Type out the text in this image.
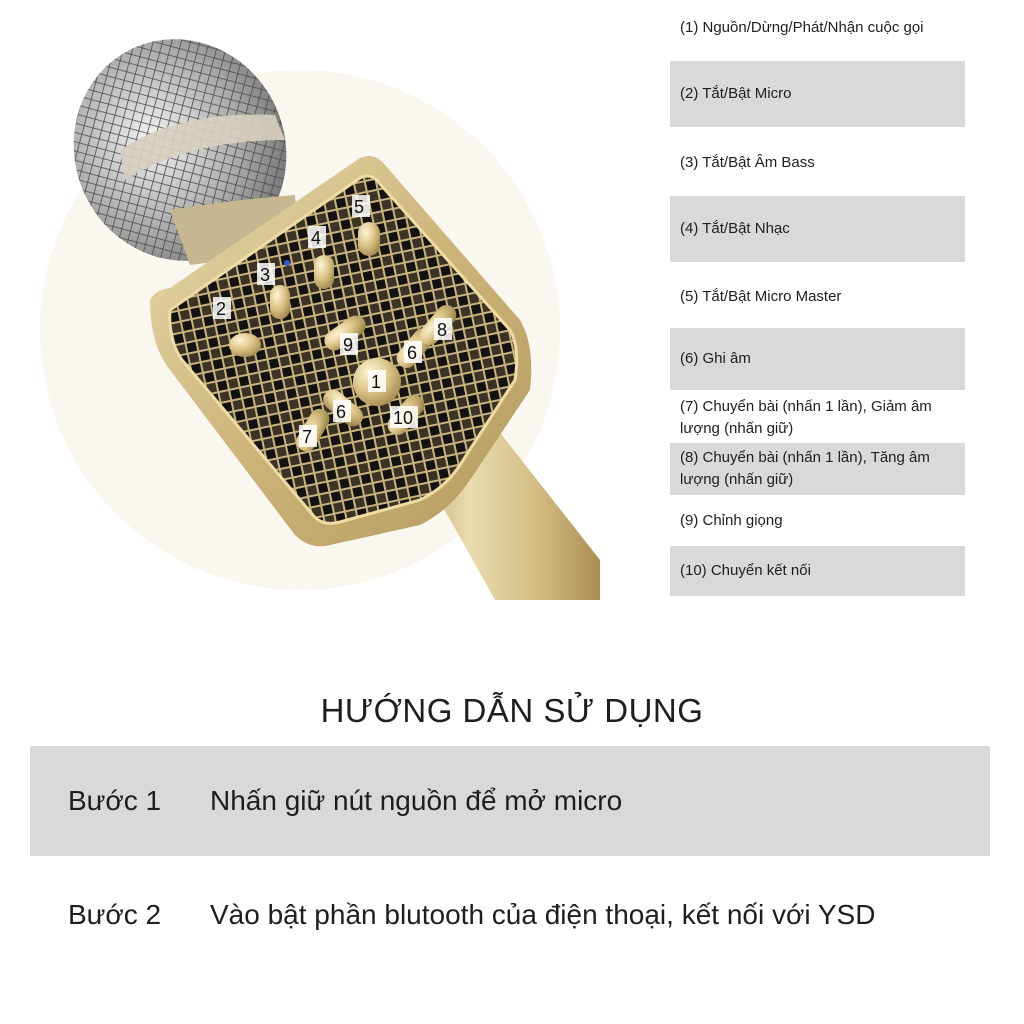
5
4
3
2
8
9	6
1
6	10
7
(1) Nguồn/Dừng/Phát/Nhận cuộc gọi
(2) Tắt/Bật Micro
(3) Tắt/Bật Âm Bass
(4) Tắt/Bật Nhạc
(5) Tắt/Bật Micro Master
(6) Ghi âm
(7) Chuyển bài (nhấn 1 lần), Giảm âm lượng (nhấn giữ)
(8) Chuyển bài (nhấn 1 lần), Tăng âm lượng (nhấn giữ)
(9) Chỉnh giọng
(10) Chuyển kết nối
HƯỚNG DẪN SỬ DỤNG
Bước 1 Nhấn giữ nút nguồn để mở micro
Bước 2 Vào bật phần blutooth của điện thoại, kết nối với YSD
